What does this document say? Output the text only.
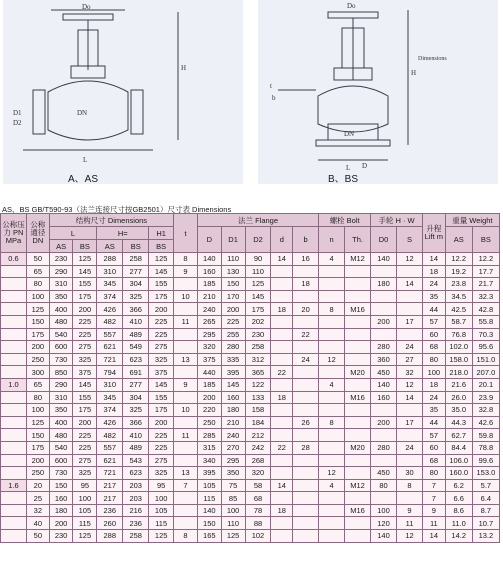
Do
H
L
DN
D1
D2
Do
H
t
L
DN
D
b
Dimensions
A、AS	B、BS
AS、BS GB/T590-93（法兰连接尺寸按GB2501）尺寸表 Dimensions
公称压力 PN MPa	公称通径 DN	结构尺寸 Dimensions					t	法兰 Flange					螺栓 Bolt		手轮 H · W		升程 Lift m	重量 Weight	
		L		H=		H1		D	D1	D2	d	b	n	Th.	D0	S		AS	BS
		AS	BS	AS	BS	BS													
0.6	50	230	125	288	258	125	8	140	110	90	14	16	4	M12	140	12	14	12.2	12.2
	65	290	145	310	277	145	9	160	130	110							18	19.2	17.7
	80	310	155	345	304	155		185	150	125		18			180	14	24	23.8	21.7
	100	350	175	374	325	175	10	210	170	145							35	34.5	32.3
	125	400	200	426	366	200		240	200	175	18	20	8	M16			44	42.5	42.8
	150	480	225	482	410	225	11	265	225	202					200	17	57	58.7	55.8
	175	540	225	557	489	225		295	255	230		22					60	76.8	70.3
	200	600	275	621	549	275		320	280	258					280	24	68	102.0	95.6
	250	730	325	721	623	325	13	375	335	312		24	12		360	27	80	158.0	151.0
	300	850	375	794	691	375		440	395	365	22			M20	450	32	100	218.0	207.0
1.0	65	290	145	310	277	145	9	185	145	122			4		140	12	18	21.6	20.1
	80	310	155	345	304	155		200	160	133	18			M16	160	14	24	26.0	23.9
	100	350	175	374	325	175	10	220	180	158							35	35.0	32.8
	125	400	200	426	366	200		250	210	184		26	8		200	17	44	44.3	42.6
	150	480	225	482	410	225	11	285	240	212							57	62.7	59.8
	175	540	225	557	489	225		315	270	242	22	28		M20	280	24	60	84.4	78.8
	200	600	275	621	543	275		340	295	268							68	106.0	99.6
	250	730	325	721	623	325	13	395	350	320			12		450	30	80	160.0	153.0
1.6	20	150	95	217	203	95	7	105	75	58	14		4	M12	80	8	7	6.2	5.7
	25	160	100	217	203	100		115	85	68							7	6.6	6.4
	32	180	105	236	216	105		140	100	78	18			M16	100	9	9	8.6	8.7
	40	200	115	260	236	115		150	110	88					120	11	11	11.0	10.7
	50	230	125	288	258	125	8	165	125	102					140	12	14	14.2	13.2
